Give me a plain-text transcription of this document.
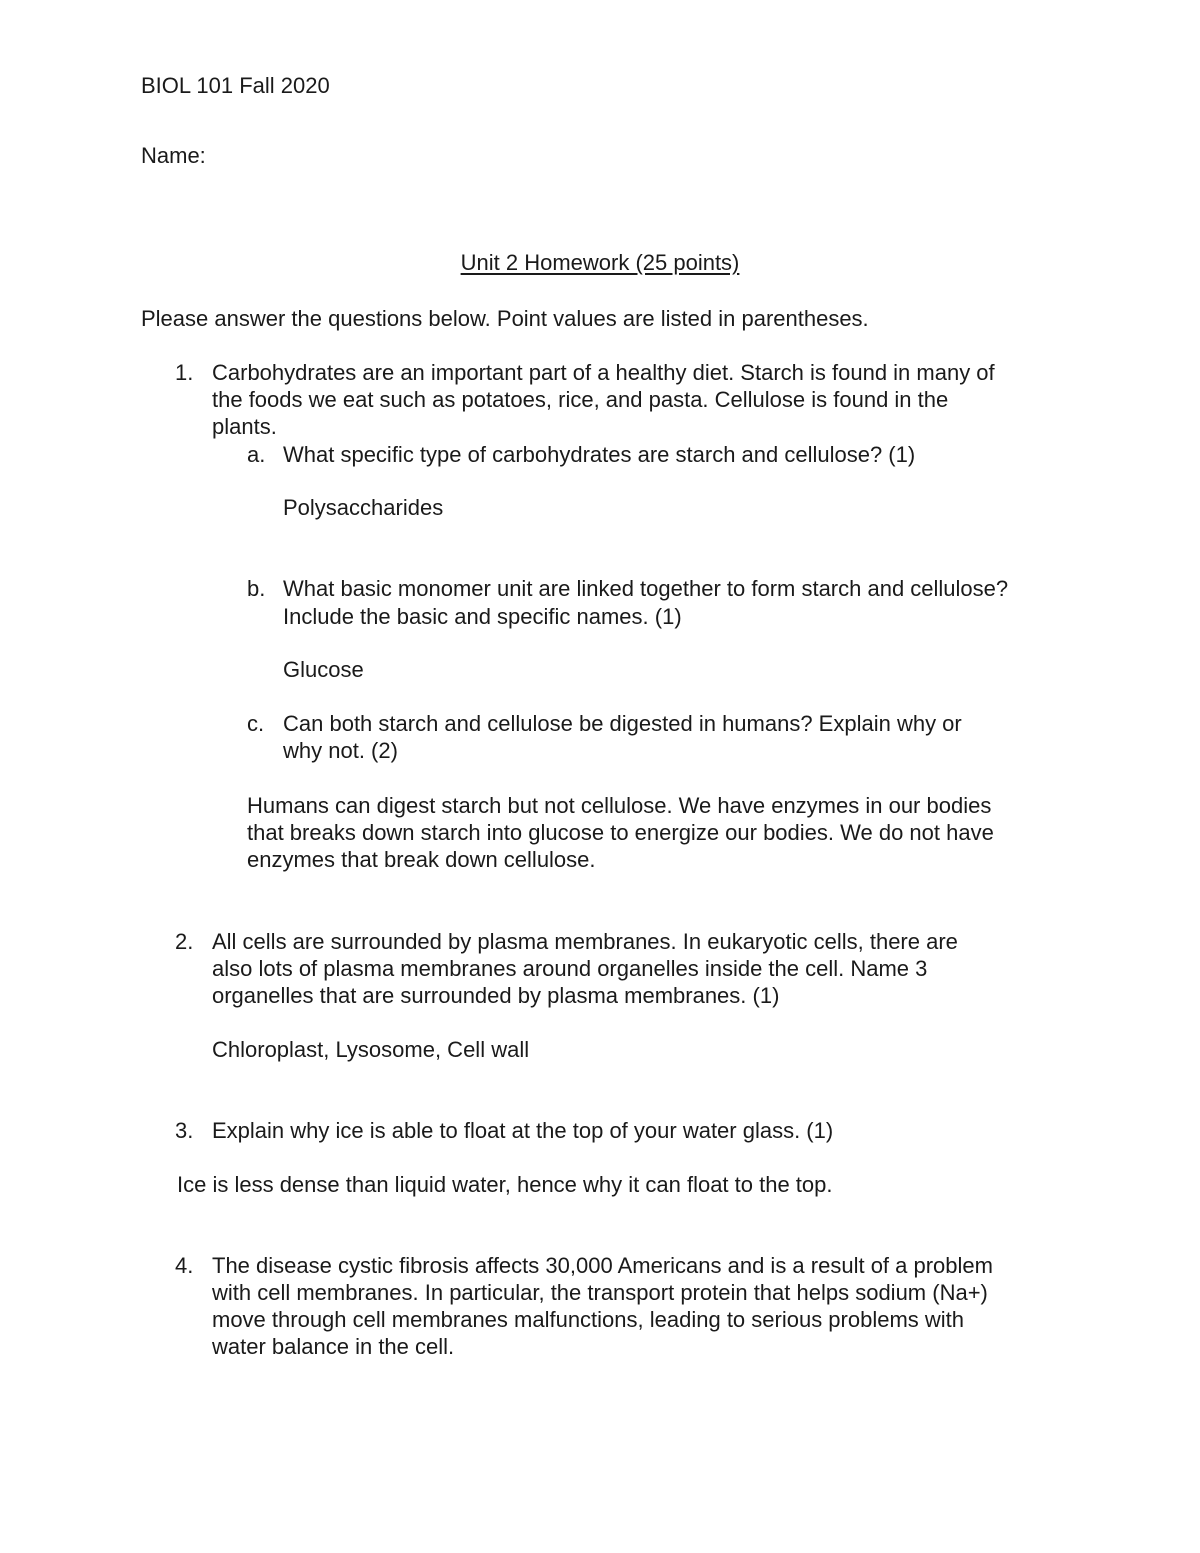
BIOL 101 Fall 2020
Name:
Unit 2 Homework (25 points)
Please answer the questions below. Point values are listed in parentheses.
1. Carbohydrates are an important part of a healthy diet. Starch is found in many of
the foods we eat such as potatoes, rice, and pasta. Cellulose is found in the
plants.
a. What specific type of carbohydrates are starch and cellulose? (1)
Polysaccharides
b. What basic monomer unit are linked together to form starch and cellulose?
Include the basic and specific names. (1)
Glucose
c. Can both starch and cellulose be digested in humans? Explain why or
why not. (2)
Humans can digest starch but not cellulose. We have enzymes in our bodies
that breaks down starch into glucose to energize our bodies. We do not have
enzymes that break down cellulose.
2. All cells are surrounded by plasma membranes. In eukaryotic cells, there are
also lots of plasma membranes around organelles inside the cell. Name 3
organelles that are surrounded by plasma membranes. (1)
Chloroplast, Lysosome, Cell wall
3. Explain why ice is able to float at the top of your water glass. (1)
Ice is less dense than liquid water, hence why it can float to the top.
4. The disease cystic fibrosis affects 30,000 Americans and is a result of a problem
with cell membranes. In particular, the transport protein that helps sodium (Na+)
move through cell membranes malfunctions, leading to serious problems with
water balance in the cell.
